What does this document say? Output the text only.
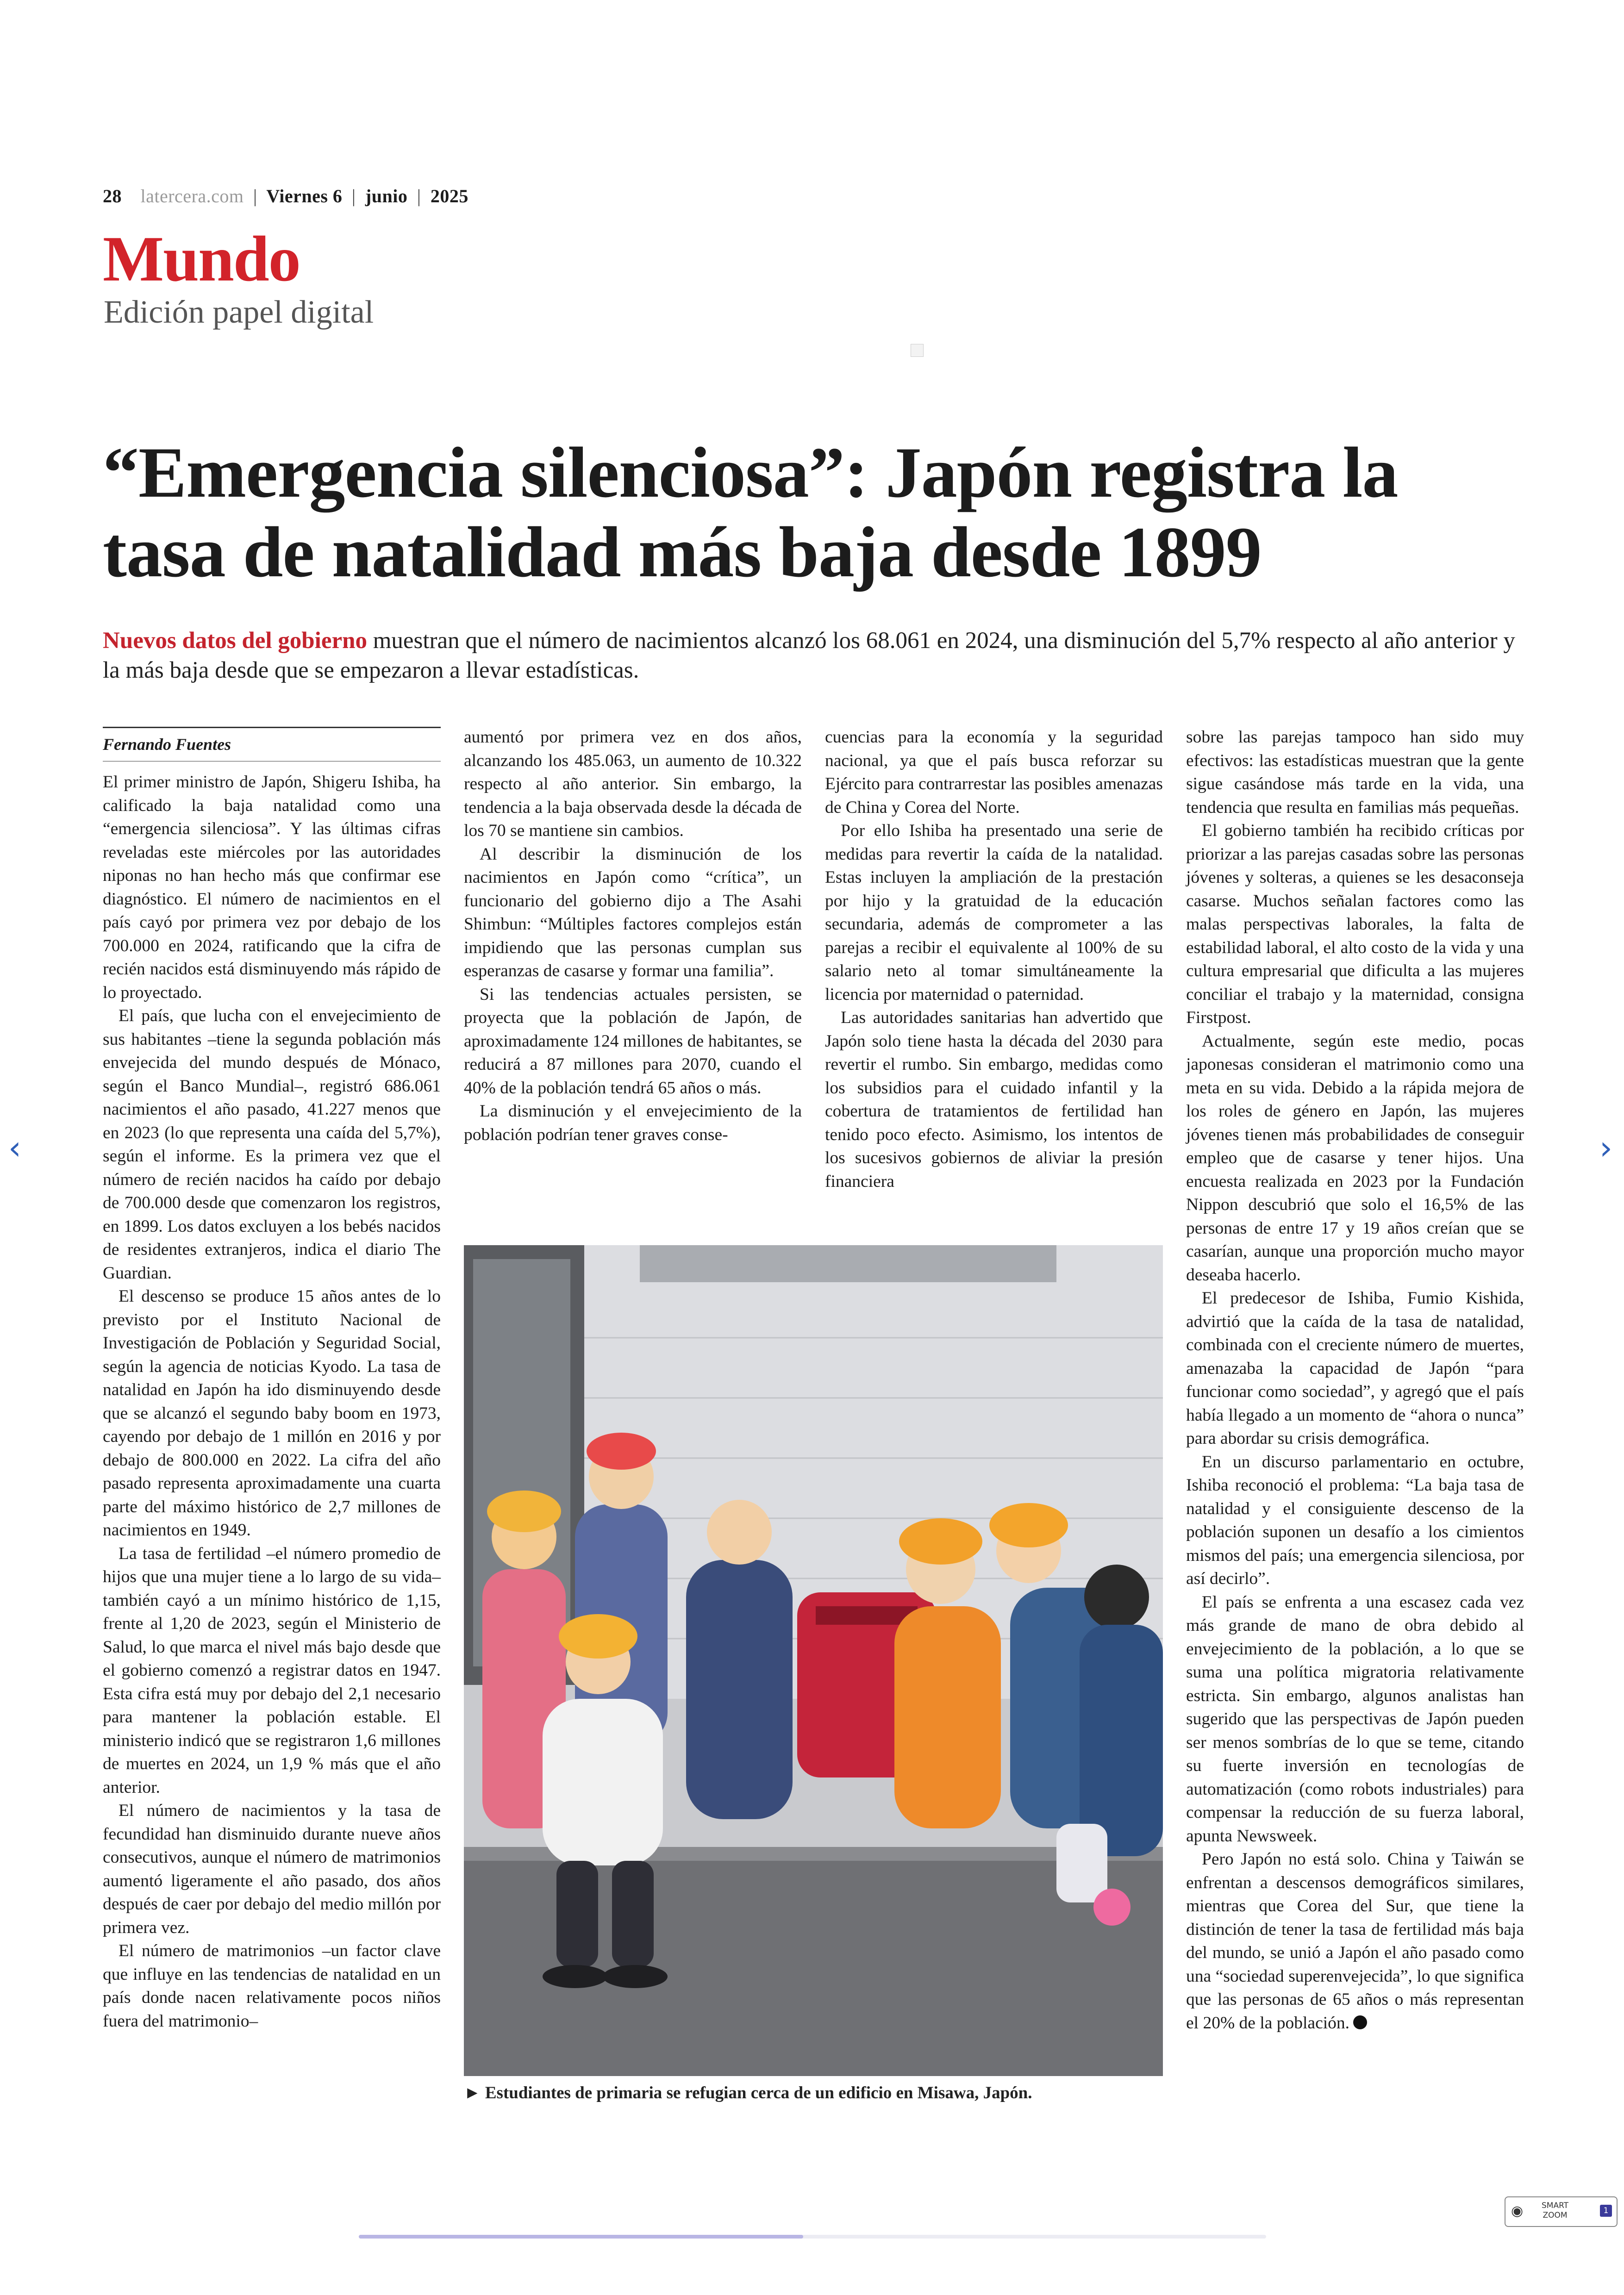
28 latercera.com | Viernes 6 | junio | 2025
Mundo
Edición papel digital
“Emergencia silenciosa”: Japón registra la tasa de natalidad más baja desde 1899

Nuevos datos del gobierno muestran que el número de nacimientos alcanzó los 68.061 en 2024, una disminución del 5,7% respecto al año anterior y la más baja desde que se empezaron a llevar estadísticas.

Fernando Fuentes

El primer ministro de Japón, Shigeru Ishiba, ha calificado la baja natalidad como una “emergencia silenciosa”. Y las últimas cifras reveladas este miércoles por las autoridades niponas no han hecho más que confirmar ese diagnóstico. El número de nacimientos en el país cayó por primera vez por debajo de los 700.000 en 2024, ratificando que la cifra de recién nacidos está disminuyendo más rápido de lo proyectado.

El país, que lucha con el envejecimiento de sus habitantes –tiene la segunda población más envejecida del mundo después de Mónaco, según el Banco Mundial–, registró 686.061 nacimientos el año pasado, 41.227 menos que en 2023 (lo que representa una caída del 5,7%), según el informe. Es la primera vez que el número de recién nacidos ha caído por debajo de 700.000 desde que comenzaron los registros, en 1899. Los datos excluyen a los bebés nacidos de residentes extranjeros, indica el diario The Guardian.

El descenso se produce 15 años antes de lo previsto por el Instituto Nacional de Investigación de Población y Seguridad Social, según la agencia de noticias Kyodo. La tasa de natalidad en Japón ha ido disminuyendo desde que se alcanzó el segundo baby boom en 1973, cayendo por debajo de 1 millón en 2016 y por debajo de 800.000 en 2022. La cifra del año pasado representa aproximadamente una cuarta parte del máximo histórico de 2,7 millones de nacimientos en 1949.

La tasa de fertilidad –el número promedio de hijos que una mujer tiene a lo largo de su vida– también cayó a un mínimo histórico de 1,15, frente al 1,20 de 2023, según el Ministerio de Salud, lo que marca el nivel más bajo desde que el gobierno comenzó a registrar datos en 1947. Esta cifra está muy por debajo del 2,1 necesario para mantener la población estable. El ministerio indicó que se registraron 1,6 millones de muertes en 2024, un 1,9 % más que el año anterior.

El número de nacimientos y la tasa de fecundidad han disminuido durante nueve años consecutivos, aunque el número de matrimonios aumentó ligeramente el año pasado, dos años después de caer por debajo del medio millón por primera vez.

El número de matrimonios –un factor clave que influye en las tendencias de natalidad en un país donde nacen relativamente pocos niños fuera del matrimonio–

aumentó por primera vez en dos años, alcanzando los 485.063, un aumento de 10.322 respecto al año anterior. Sin embargo, la tendencia a la baja observada desde la década de los 70 se mantiene sin cambios.

Al describir la disminución de los nacimientos en Japón como “crítica”, un funcionario del gobierno dijo a The Asahi Shimbun: “Múltiples factores complejos están impidiendo que las personas cumplan sus esperanzas de casarse y formar una familia”.

Si las tendencias actuales persisten, se proyecta que la población de Japón, de aproximadamente 124 millones de habitantes, se reducirá a 87 millones para 2070, cuando el 40% de la población tendrá 65 años o más.

La disminución y el envejecimiento de la población podrían tener graves conse-

cuencias para la economía y la seguridad nacional, ya que el país busca reforzar su Ejército para contrarrestar las posibles amenazas de China y Corea del Norte.

Por ello Ishiba ha presentado una serie de medidas para revertir la caída de la natalidad. Estas incluyen la ampliación de la prestación por hijo y la gratuidad de la educación secundaria, además de comprometer a las parejas a recibir el equivalente al 100% de su salario neto al tomar simultáneamente la licencia por maternidad o paternidad.

Las autoridades sanitarias han advertido que Japón solo tiene hasta la década del 2030 para revertir el rumbo. Sin embargo, medidas como los subsidios para el cuidado infantil y la cobertura de tratamientos de fertilidad han tenido poco efecto. Asimismo, los intentos de los sucesivos gobiernos de aliviar la presión financiera

sobre las parejas tampoco han sido muy efectivos: las estadísticas muestran que la gente sigue casándose más tarde en la vida, una tendencia que resulta en familias más pequeñas.

El gobierno también ha recibido críticas por priorizar a las parejas casadas sobre las personas jóvenes y solteras, a quienes se les desaconseja casarse. Muchos señalan factores como las malas perspectivas laborales, la falta de estabilidad laboral, el alto costo de la vida y una cultura empresarial que dificulta a las mujeres conciliar el trabajo y la maternidad, consigna Firstpost.

Actualmente, según este medio, pocas japonesas consideran el matrimonio como una meta en su vida. Debido a la rápida mejora de los roles de género en Japón, las mujeres jóvenes tienen más probabilidades de conseguir empleo que de casarse y tener hijos. Una encuesta realizada en 2023 por la Fundación Nippon descubrió que solo el 16,5% de las personas de entre 17 y 19 años creían que se casarían, aunque una proporción mucho mayor deseaba hacerlo.

El predecesor de Ishiba, Fumio Kishida, advirtió que la caída de la tasa de natalidad, combinada con el creciente número de muertes, amenazaba la capacidad de Japón “para funcionar como sociedad”, y agregó que el país había llegado a un momento de “ahora o nunca” para abordar su crisis demográfica.

En un discurso parlamentario en octubre, Ishiba reconoció el problema: “La baja tasa de natalidad y el consiguiente descenso de la población suponen un desafío a los cimientos mismos del país; una emergencia silenciosa, por así decirlo”.

El país se enfrenta a una escasez cada vez más grande de mano de obra debido al envejecimiento de la población, a lo que se suma una política migratoria relativamente estricta. Sin embargo, algunos analistas han sugerido que las perspectivas de Japón pueden ser menos sombrías de lo que se teme, citando su fuerte inversión en tecnologías de automatización (como robots industriales) para compensar la reducción de su fuerza laboral, apunta Newsweek.

Pero Japón no está solo. China y Taiwán se enfrentan a descensos demográficos similares, mientras que Corea del Sur, que tiene la distinción de tener la tasa de fertilidad más baja del mundo, se unió a Japón el año pasado como una “sociedad superenvejecida”, lo que significa que las personas de 65 años o más representan el 20% de la población.

► Estudiantes de primaria se refugian cerca de un edificio en Misawa, Japón.
‹	›
◉ SMART
ZOOM	1
